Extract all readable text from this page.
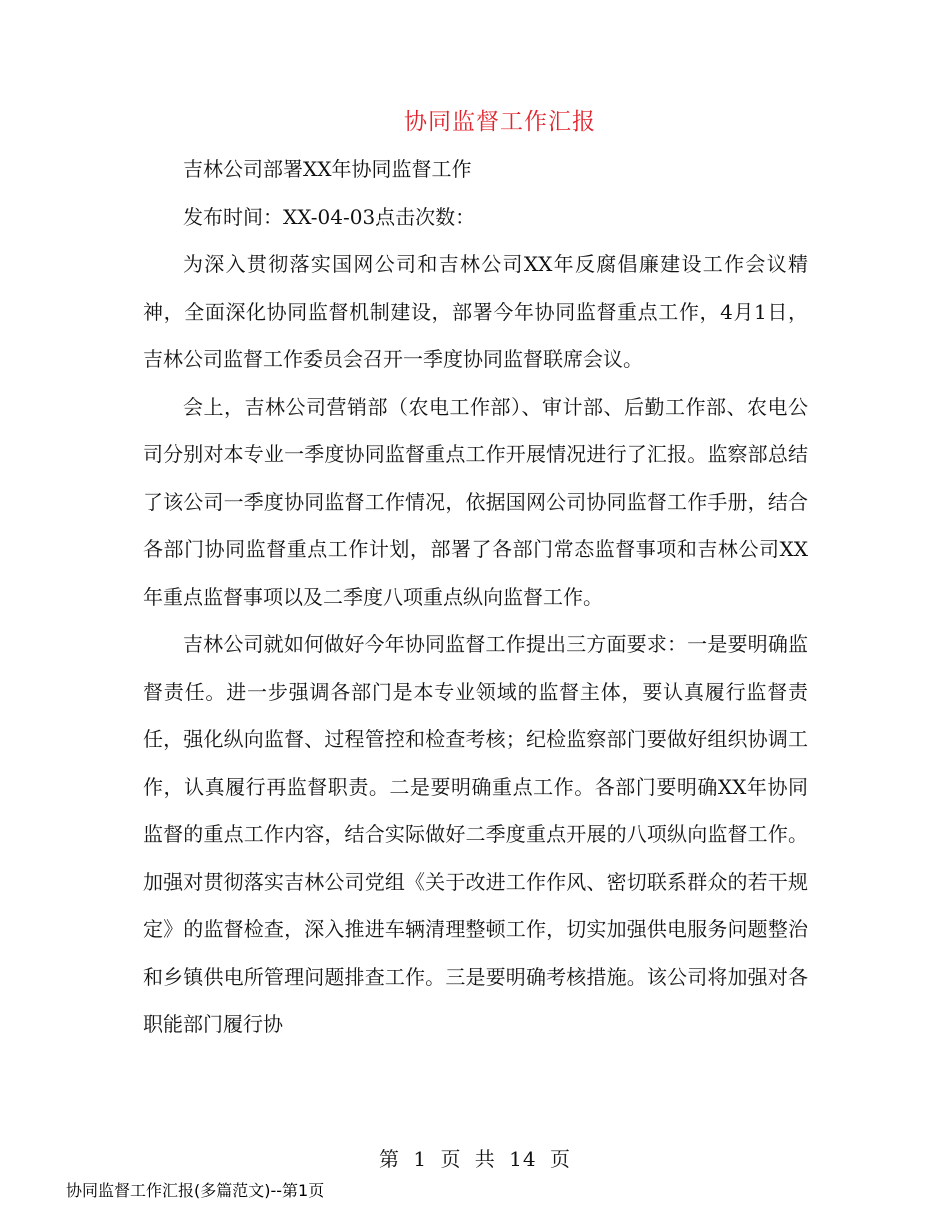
协同监督工作汇报

吉林公司部署XX年协同监督工作

发布时间：XX-04-03点击次数：

为深入贯彻落实国网公司和吉林公司XX年反腐倡廉建设工作会议精神，全面深化协同监督机制建设，部署今年协同监督重点工作，4月1日，吉林公司监督工作委员会召开一季度协同监督联席会议。

会上，吉林公司营销部（农电工作部）、审计部、后勤工作部、农电公司分别对本专业一季度协同监督重点工作开展情况进行了汇报。监察部总结了该公司一季度协同监督工作情况，依据国网公司协同监督工作手册，结合各部门协同监督重点工作计划，部署了各部门常态监督事项和吉林公司XX年重点监督事项以及二季度八项重点纵向监督工作。

吉林公司就如何做好今年协同监督工作提出三方面要求：一是要明确监督责任。进一步强调各部门是本专业领域的监督主体，要认真履行监督责任，强化纵向监督、过程管控和检查考核；纪检监察部门要做好组织协调工作，认真履行再监督职责。二是要明确重点工作。各部门要明确XX年协同监督的重点工作内容，结合实际做好二季度重点开展的八项纵向监督工作。加强对贯彻落实吉林公司党组《关于改进工作作风、密切联系群众的若干规定》的监督检查，深入推进车辆清理整顿工作，切实加强供电服务问题整治和乡镇供电所管理问题排查工作。三是要明确考核措施。该公司将加强对各职能部门履行协

第 1 页 共 14 页
协同监督工作汇报(多篇范文)--第1页
